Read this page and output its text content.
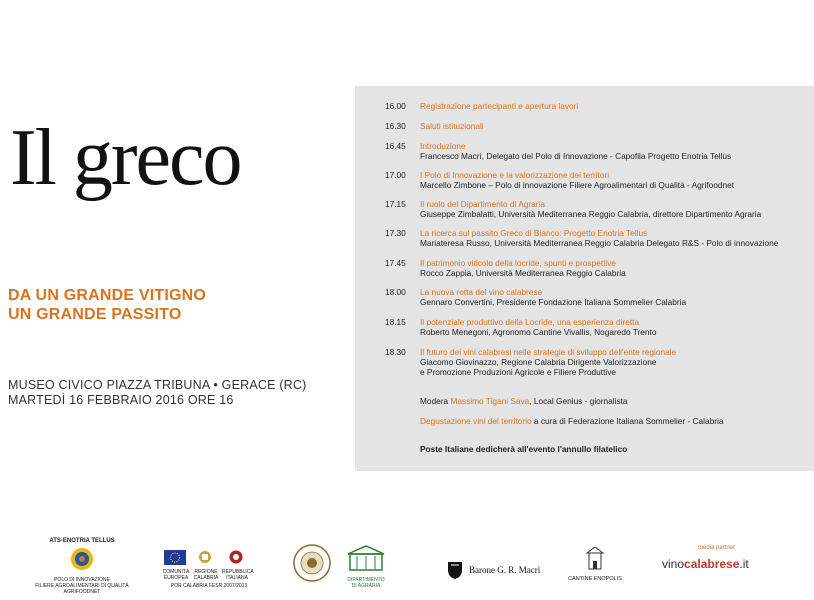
Il greco
DA UN GRANDE VITIGNO
UN GRANDE PASSITO
MUSEO CIVICO PIAZZA TRIBUNA • GERACE (RC)
MARTEDÌ 16 FEBBRAIO 2016 ORE 16
16.00 Registrazione partecipanti e apertura lavori
16.30 Saluti istituzionali
16.45 Introduzione
Francesco Macrì, Delegato del Polo di Innovazione - Capofila Progetto Enotria Tellus
17.00 I Polo di Innovazione e la valorizzazione dei territori
Marcello Zimbone – Polo di innovazione Filiere Agroalimentari di Qualità - Agrifoodnet
17.15 Il ruolo del Dipartimento di Agraria
Giuseppe Zimbalatti, Università Mediterranea Reggio Calabria, direttore Dipartimento Agraria
17.30 La ricerca sul passito Greco di Bianco: Progetto Enotria Tellus
Mariateresa Russo, Università Mediterranea Reggio Calabria Delegato R&S - Polo di innovazione
17.45 Il patrimonio viticolo della locride, spunti e prospettive
Rocco Zappia, Università Mediterranea Reggio Calabria
18.00 La nuova rotta del vino calabrese
Gennaro Convertini, Presidente Fondazione Italiana Sommelier Calabria
18.15 Il potenziale produttivo della Locride, una esperienza diretta
Roberto Menegoni, Agronomo Cantine Vivallis, Nogaredo Trento
18.30 Il futuro dei vini calabresi nelle strategie di sviluppo dell'ente regionale
Giacomo Giovinazzo, Regione Calabria Dirigente Valorizzazione
e Promozione Produzioni Agricole e Filiere Produttive
Modera Massimo Tigani Sava, Local Genius - giornalista
Degustazione vini del territorio a cura di Federazione Italiana Sommelier - Calabria
Poste Italiane dedicherà all'evento l'annullo filatelico
ATS-ENOTRIA TELLUS
POLO DI INNOVAZIONE
FILIERE AGROALIMENTARI DI QUALITÀ
AGRIFOODNET
COMUNITÀ EUROPEA
REGIONE CALABRIA
REPUBBLICA ITALIANA
POR CALABRIA FESR 2007/2013
DIPARTIMENTO
DI AGRARIA
Barone G. R. Macrì
CANTINE ENOPOLIS
media partner
vinocalabrese.it
